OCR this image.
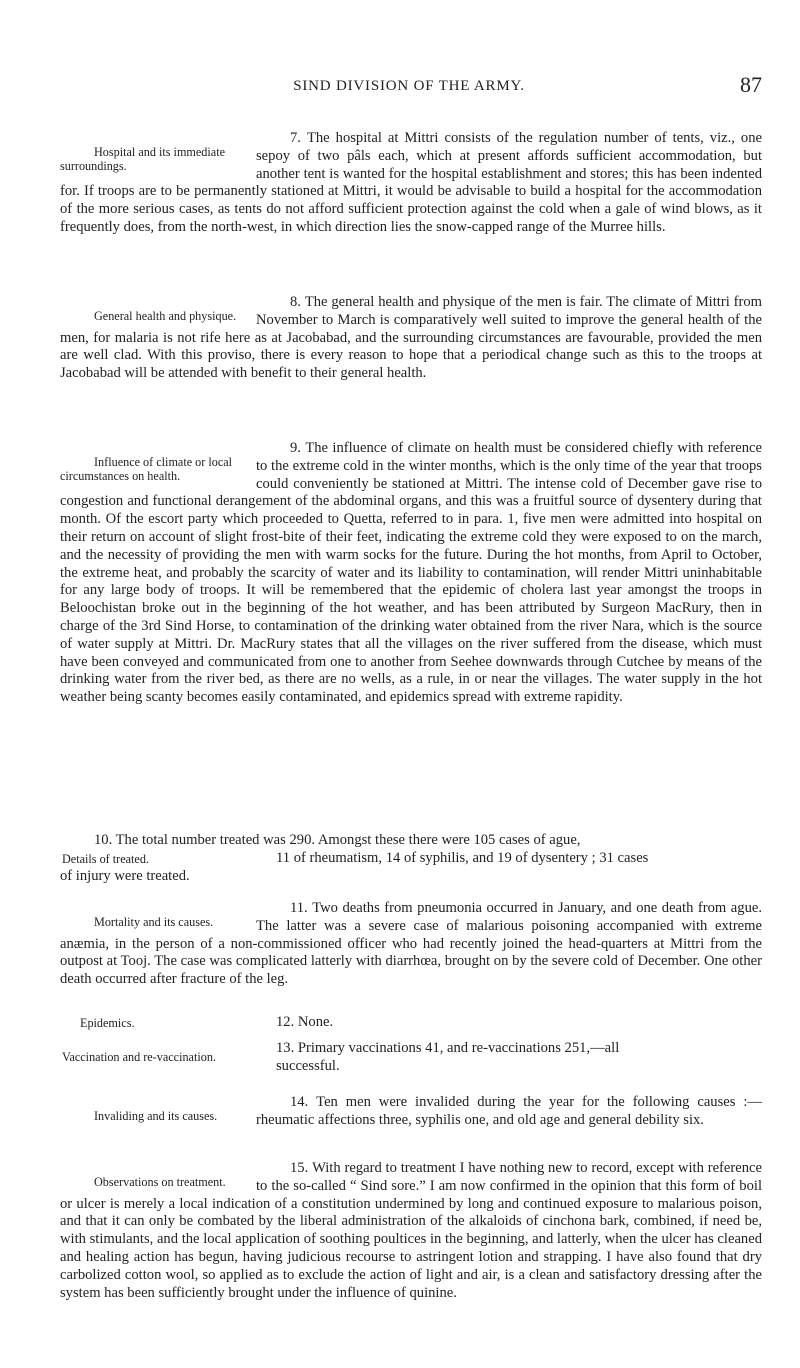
SIND DIVISION OF THE ARMY.	87

7.
Hospital and its immediate surroundings.
The hospital at Mittri consists of the regulation number of tents, viz., one sepoy of two pâls each, which at present affords sufficient accommodation, but another tent is wanted for the hospital establishment and stores; this has been indented for. If troops are to be permanently stationed at Mittri, it would be advisable to build a hospital for the accommodation of the more serious cases, as tents do not afford sufficient protection against the cold when a gale of wind blows, as it frequently does, from the north-west, in which direction lies the snow-capped range of the Murree hills.

8.
General health and physique.
The general health and physique of the men is fair. The climate of Mittri from November to March is comparatively well suited to improve the general health of the men, for malaria is not rife here as at Jacobabad, and the surrounding circumstances are favourable, provided the men are well clad. With this proviso, there is every reason to hope that a periodical change such as this to the troops at Jacobabad will be attended with benefit to their general health.

9.
Influence of climate or local circumstances on health.
The influence of climate on health must be considered chiefly with reference to the extreme cold in the winter months, which is the only time of the year that troops could conveniently be stationed at Mittri. The intense cold of December gave rise to congestion and functional derangement of the abdominal organs, and this was a fruitful source of dysentery during that month. Of the escort party which proceeded to Quetta, referred to in para. 1, five men were admitted into hospital on their return on account of slight frost-bite of their feet, indicating the extreme cold they were exposed to on the march, and the necessity of providing the men with warm socks for the future. During the hot months, from April to October, the extreme heat, and probably the scarcity of water and its liability to contamination, will render Mittri uninhabitable for any large body of troops. It will be remembered that the epidemic of cholera last year amongst the troops in Beloochistan broke out in the beginning of the hot weather, and has been attributed by Surgeon MacRury, then in charge of the 3rd Sind Horse, to contamination of the drinking water obtained from the river Nara, which is the source of water supply at Mittri. Dr. MacRury states that all the villages on the river suffered from the disease, which must have been conveyed and communicated from one to another from Seehee downwards through Cutchee by means of the drinking water from the river bed, as there are no wells, as a rule, in or near the villages. The water supply in the hot weather being scanty becomes easily contaminated, and epidemics spread with extreme rapidity.

10. The total number treated was 290. Amongst these there were 105 cases of ague,
Details of treated.	11 of rheumatism, 14 of syphilis, and 19 of dysentery ; 31 cases
of injury were treated.

11.
Mortality and its causes.
Two deaths from pneumonia occurred in January, and one death from ague. The latter was a severe case of malarious poisoning accompanied with extreme anæmia, in the person of a non-commissioned officer who had recently joined the head-quarters at Mittri from the outpost at Tooj. The case was complicated latterly with diarrhœa, brought on by the severe cold of December. One other death occurred after fracture of the leg.

Epidemics.	12. None.
Vaccination and re-vaccination.
13. Primary vaccinations 41, and re-vaccinations 251,—all
successful.

14.
Invaliding and its causes.
Ten men were invalided during the year for the following causes :—rheumatic affections three, syphilis one, and old age and general debility six.

15.
Observations on treatment.
With regard to treatment I have nothing new to record, except with reference to the so-called “ Sind sore.” I am now confirmed in the opinion that this form of boil or ulcer is merely a local indication of a constitution undermined by long and continued exposure to malarious poison, and that it can only be combated by the liberal administration of the alkaloids of cinchona bark, combined, if need be, with stimulants, and the local application of soothing poultices in the beginning, and latterly, when the ulcer has cleaned and healing action has begun, having judicious recourse to astringent lotion and strapping. I have also found that dry carbolized cotton wool, so applied as to exclude the action of light and air, is a clean and satisfactory dressing after the system has been sufficiently brought under the influence of quinine.
